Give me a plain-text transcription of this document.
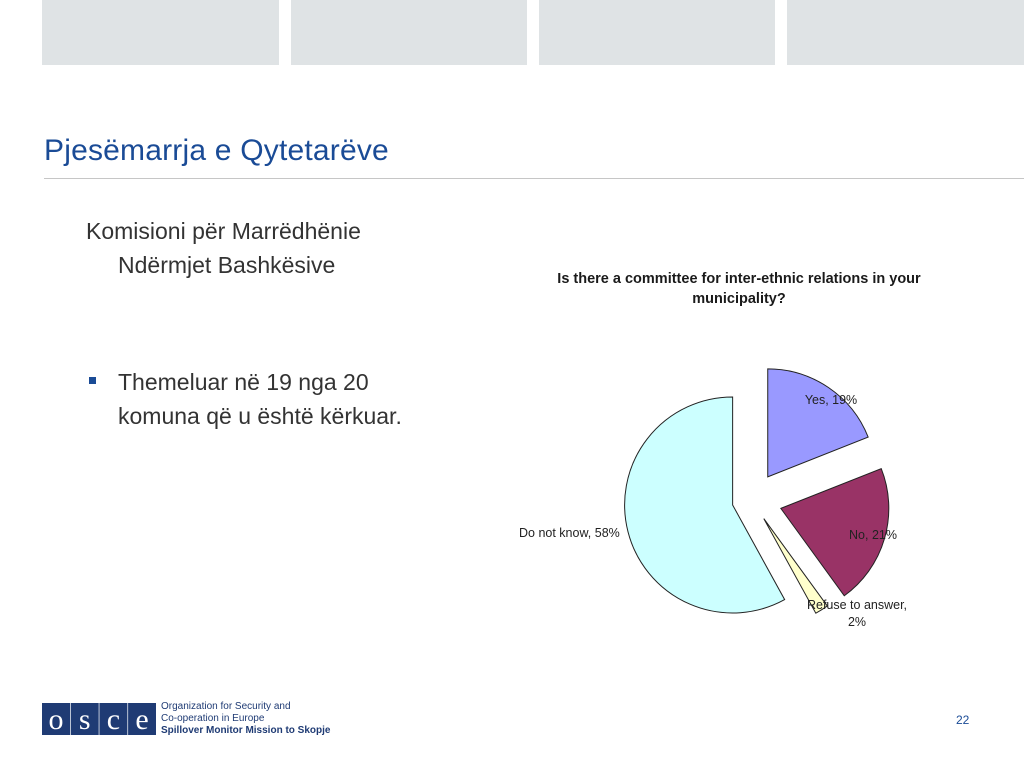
Pjesëmarrja e Qytetarëve
Komisioni për Marrëdhënie Ndërmjet Bashkësive
Themeluar në 19 nga 20 komuna që u është kërkuar.
Is there a committee for inter-ethnic relations in your
municipality?
Yes, 19%
No, 21%
Refuse to answer,
2%
Do not know, 58%
o s c e Organization for Security and
Co-operation in Europe
Spillover Monitor Mission to Skopje
22
